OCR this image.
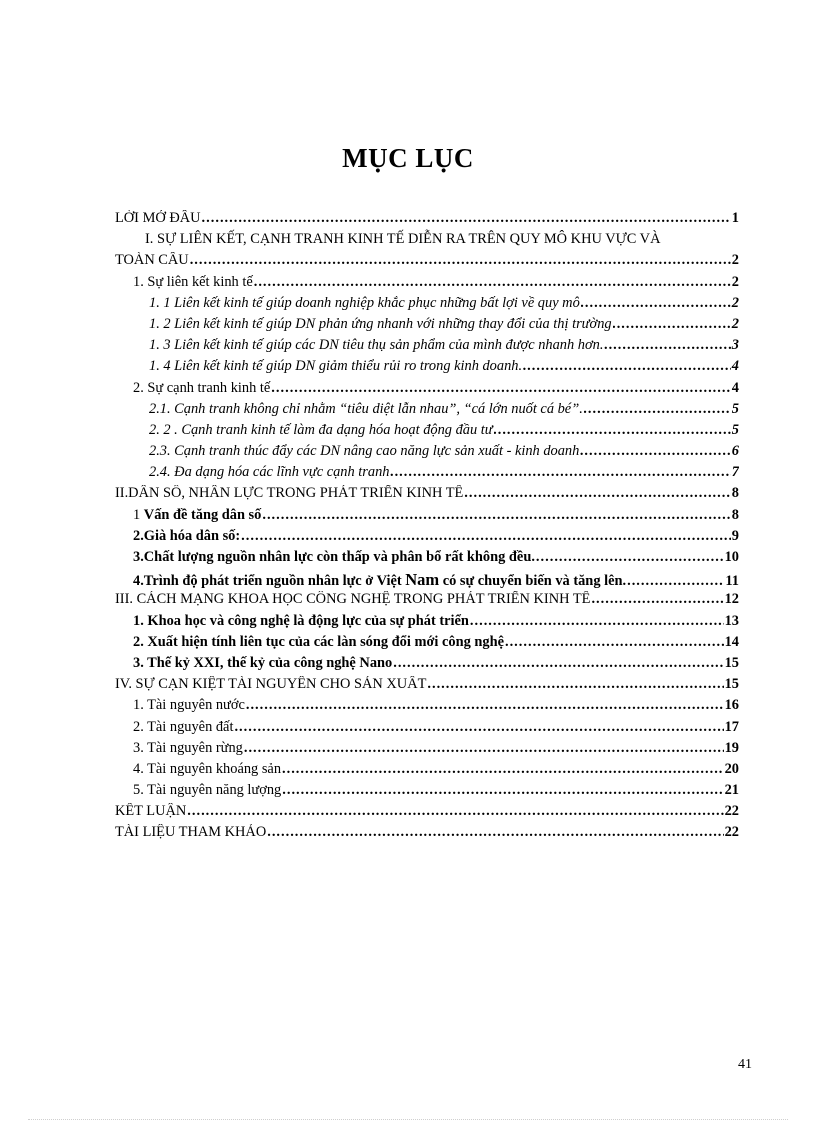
MỤC LỤC
LỜI MỞ ĐẦU .....	1
I. SỰ LIÊN KẾT, CẠNH TRANH KINH TẾ DIỄN RA TRÊN QUY MÔ KHU VỰC VÀ
TOÀN CẦU .....	2
1. Sự liên kết kinh tế .....	2
1. 1 Liên kết kinh tế giúp doanh nghiệp khắc phục những bất lợi về quy mô .....	2
1. 2 Liên kết kinh tế giúp DN phản ứng nhanh với những thay đổi của thị trường .....	2
1. 3 Liên kết kinh tế giúp các DN tiêu thụ sản phẩm của mình được nhanh hơn. .....	3
1. 4 Liên kết kinh tế giúp DN giảm thiểu rủi ro trong kinh doanh. .....	4
2. Sự cạnh tranh kinh tế .....	4
2.1. Cạnh tranh không chỉ nhằm “tiêu diệt lẫn nhau”, “cá lớn nuốt cá bé”. .....	5
2. 2 . Cạnh tranh kinh tế làm đa dạng hóa hoạt động đầu tư .....	5
2.3. Cạnh tranh thúc đẩy các DN nâng cao năng lực sản xuất - kinh doanh .....	6
2.4. Đa dạng hóa các lĩnh vực cạnh tranh .....	7
II.DÂN SỐ, NHÂN LỰC TRONG PHÁT TRIỂN KINH TẾ .....	8
1 Vấn đề tăng dân số .....	8
2.Già hóa dân số: .....	9
3.Chất lượng nguồn nhân lực còn thấp và phân bổ rất không đều. .....	10
4.Trình độ phát triển nguồn nhân lực ở Việt Nam có sự chuyển biến và tăng lên. .....	11
III. CÁCH MẠNG KHOA HỌC CÔNG NGHỆ TRONG PHÁT TRIỂN KINH TẾ .....	12
1. Khoa học và công nghệ là động lực của sự phát triển .....	13
2. Xuất hiện tính liên tục của các làn sóng đổi mới công nghệ .....	14
3. Thế kỷ XXI, thế kỷ của công nghệ Nano .....	15
IV. SỰ CẠN KIỆT TÀI NGUYÊN CHO SẢN XUẤT .....	15
1. Tài nguyên nước .....	16
2. Tài nguyên đất .....	17
3. Tài nguyên rừng .....	19
4. Tài nguyên khoáng sản .....	20
5. Tài nguyên năng lượng .....	21
KẾT LUẬN .....	22
TÀI LIỆU THAM KHẢO .....	22
41
